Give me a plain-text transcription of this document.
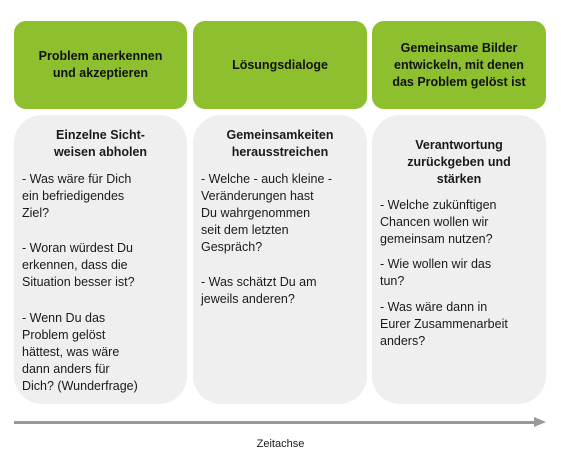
Problem anerkennen
und akzeptieren
Lösungsdialoge
Gemeinsame Bilder
entwickeln, mit denen
das Problem gelöst ist
Einzelne Sicht-
weisen abholen
- Was wäre für Dich
ein befriedigendes
Ziel?
- Woran würdest Du
erkennen, dass die
Situation besser ist?
- Wenn Du das
Problem gelöst
hättest, was wäre
dann anders für
Dich? (Wunderfrage)
Gemeinsamkeiten
herausstreichen
- Welche - auch kleine -
Veränderungen hast
Du wahrgenommen
seit dem letzten
Gespräch?
- Was schätzt Du am
jeweils anderen?
Verantwortung
zurückgeben und
stärken
- Welche zukünftigen
Chancen wollen wir
gemeinsam nutzen?
- Wie wollen wir das
tun?
- Was wäre dann in
Eurer Zusammenarbeit
anders?
Zeitachse
